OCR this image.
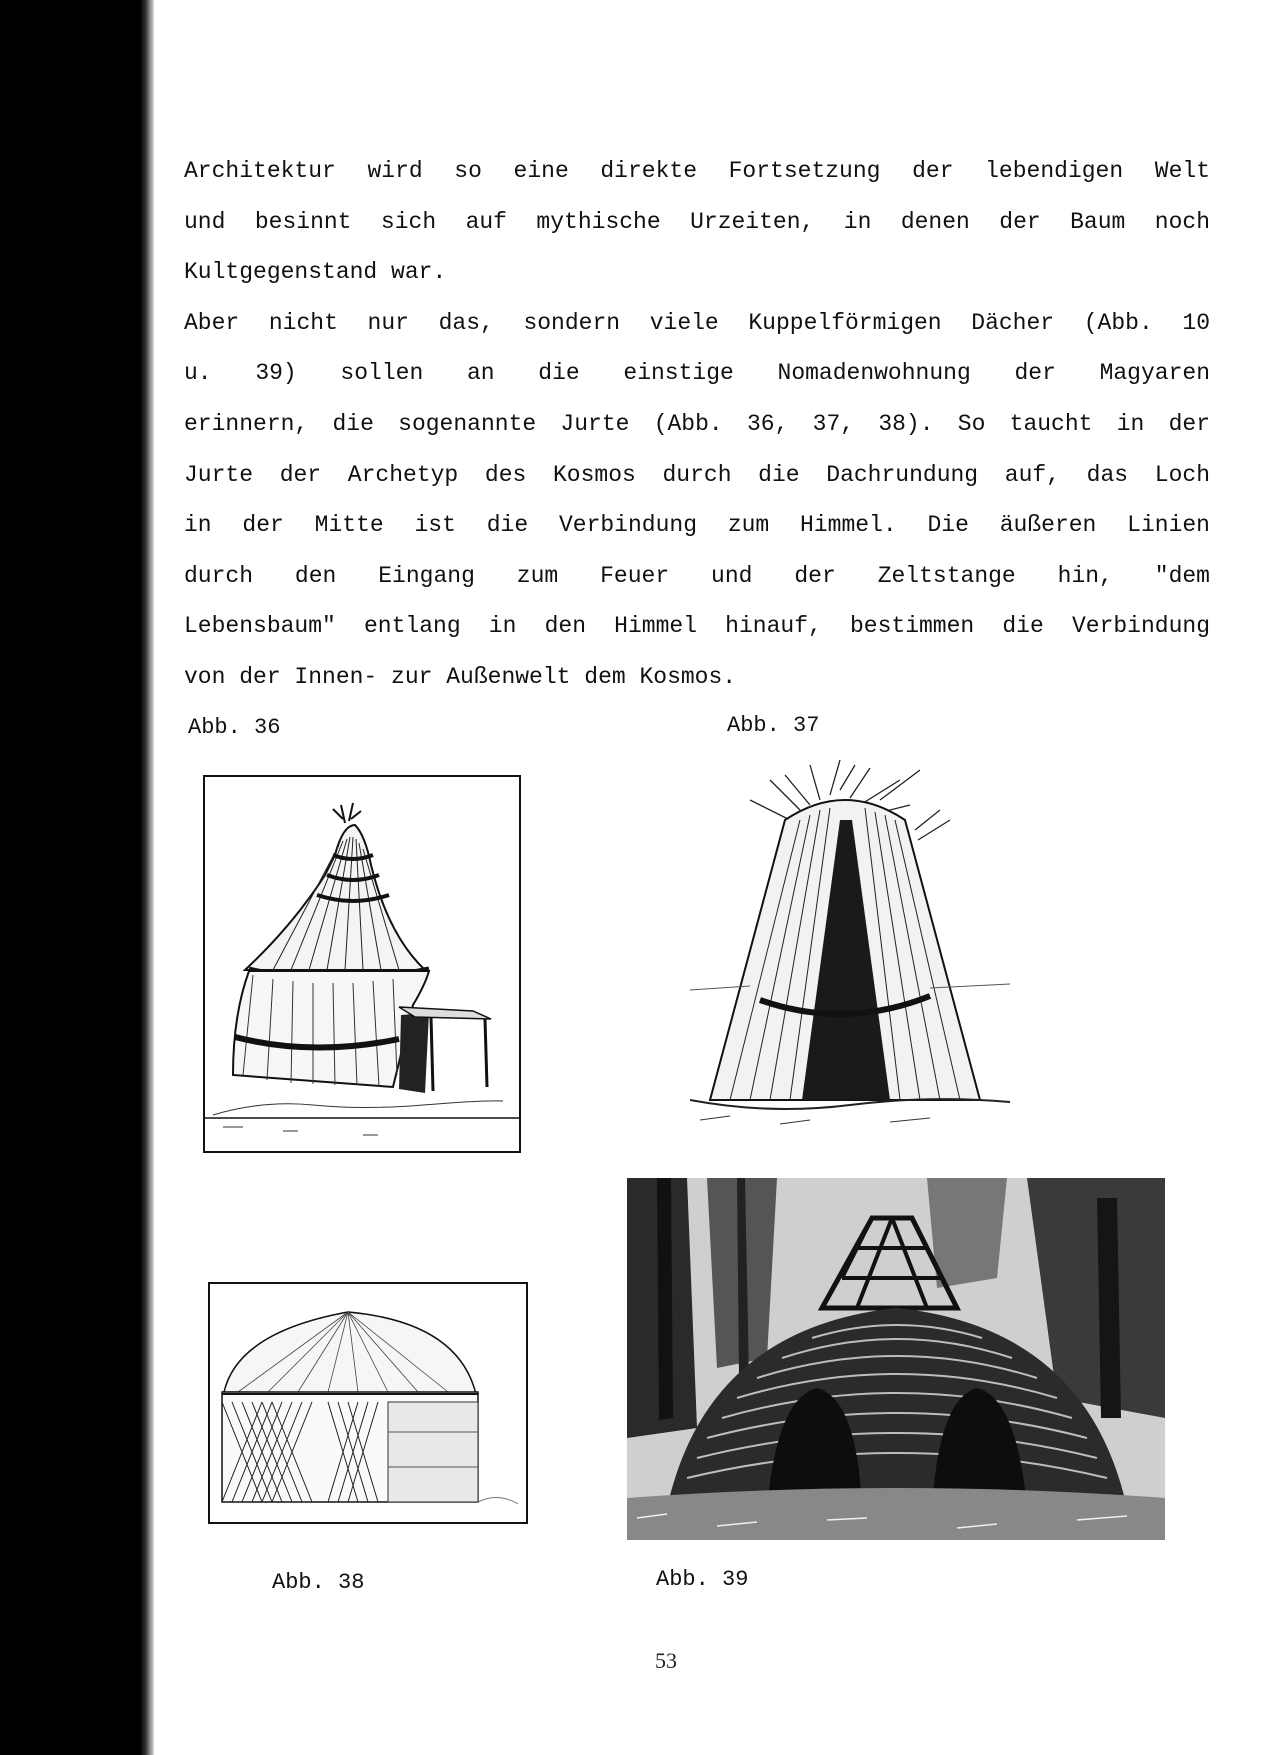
Architektur wird so eine direkte Fortsetzung der lebendigen Welt
und besinnt sich auf mythische Urzeiten, in denen der Baum noch
Kultgegenstand war.
Aber nicht nur das, sondern viele Kuppelförmigen Dächer (Abb. 10
u. 39) sollen an die einstige Nomadenwohnung der Magyaren
erinnern, die sogenannte Jurte (Abb. 36, 37, 38). So taucht in der
Jurte der Archetyp des Kosmos durch die Dachrundung auf, das Loch
in der Mitte ist die Verbindung zum Himmel. Die äußeren Linien
durch den Eingang zum Feuer und der Zeltstange hin, "dem
Lebensbaum" entlang in den Himmel hinauf, bestimmen die Verbindung
von der Innen- zur Außenwelt dem Kosmos.
Abb. 36	Abb. 37
Abb. 38	Abb. 39
53
